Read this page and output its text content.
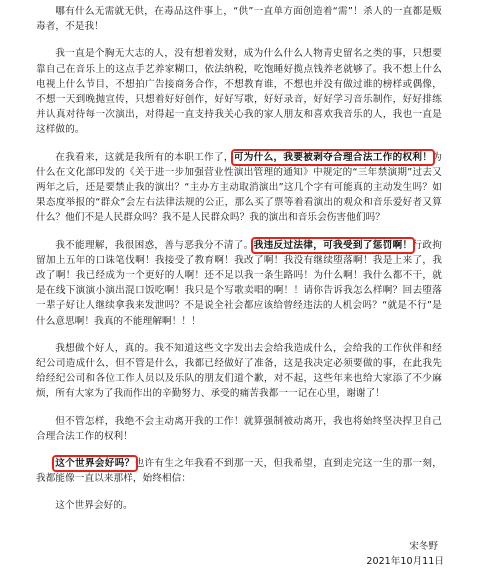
哪有什么无需就无供，在毒品这件事上，“供”一直单方面创造着“需”！杀人的一直都是贩毒者，不是我！

我一直是个胸无大志的人，没有想着发财，成为什么什么人物青史留名之类的事，只想要靠自己在音乐上的这点手艺养家糊口，依法纳税，吃饱睡好揽点钱养老就够了。我不想上什么电视上什么节目，不想拍广告接商务合作，不想教育谁，不想也并没有做过谁的榜样或偶像，不想一天到晚抛宣传，只想着好好创作，好好写歌，好好录音，好好学习音乐制作，好好排练并认真对待每一次演出，对得起一直支持我关心我的家人朋友和喜欢我音乐的人，我也一直是这样做的。

在我看来，这就是我所有的本职工作了，可为什么，我要被剥夺合理合法工作的权利！为什么在文化部印发的《关于进一步加强营业性演出管理的通知》中规定的“三年禁演期”过去又两年之后，还是要禁止我的演出？“主办方主动取消演出”这几个字有可能真的主动发生吗？如果态度举报的“群众”会左右法律法规的公正，那么买了票等着看演出的观众和音乐爱好者又算什么？他们不是人民群众吗？我不是人民群众吗？我的演出和音乐会伤害他们吗？

我不能理解，我很困惑，善与恶我分不清了。我违反过法律，可我受到了惩罚啊！行政拘留加上五年的口诛笔伐啊！我接受了教育啊！我改了啊！我没有继续堕落啊！我是上来了，我改了啊！我已经成为一个更好的人啊！还不足以我一条生路吗！为什么啊！我什么都不干，就是在线下演演小演出混口饭吃啊！我只是个写歌卖唱的啊！！请你告诉我怎么样啊？回去堕落一辈子好让人继续拿我来发泄吗？不是说全社会都应该给曾经违法的人机会吗？“就是不行”是什么意思啊！我真的不能理解啊！！！

我想做个好人，真的。我不知道这些文字发出去会给我造成什么，会给我的工作伙伴和经纪公司造成什么，但不管是什么，我都已经做好了准备，这是我决定必须要做的事，在此我先给经纪公司和各位工作人员以及乐队的朋友们道个歉，对不起，这些年来也给大家添了不少麻烦，所有大家为了我而作出的辛勤努力、承受的痛苦我都一一记在心里，谢谢了！

但不管怎样，我绝不会主动离开我的工作！就算强制被动离开，我也将始终坚决捍卫自己合理合法工作的权利！

这个世界会好吗？也许有生之年我看不到那一天，但我希望，直到走完这一生的那一刻，我都能像一直以来那样，始终相信：

这个世界会好的。

宋冬野
2021年10月11日
